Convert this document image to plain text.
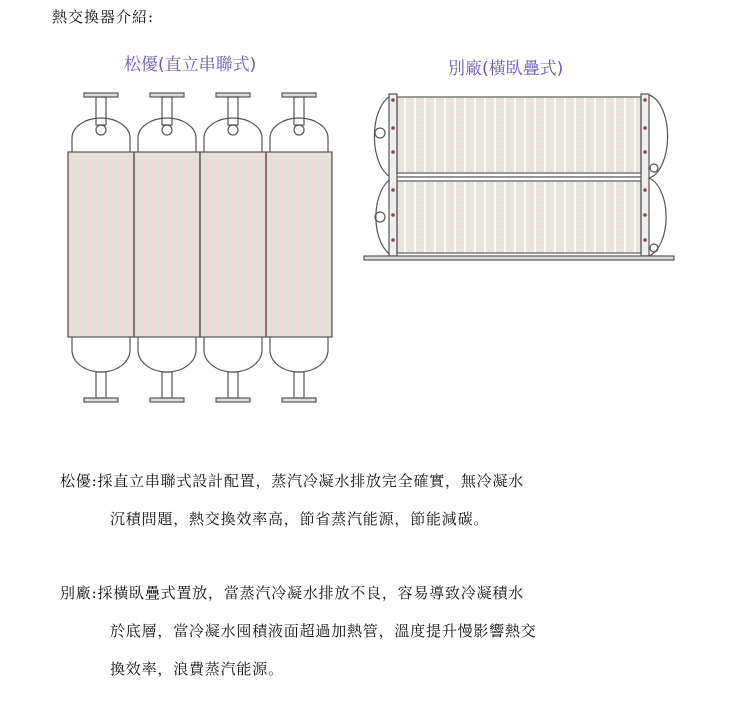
熱交換器介紹:
松優(直立串聯式)	別廠(橫臥疊式)
松優:採直立串聯式設計配置，蒸汽冷凝水排放完全確實，無冷凝水
沉積問題，熱交換效率高，節省蒸汽能源，節能減碳。
別廠:採橫臥疊式置放，當蒸汽冷凝水排放不良，容易導致冷凝積水
於底層，當冷凝水囤積液面超過加熱管，溫度提升慢影響熱交
換效率，浪費蒸汽能源。
